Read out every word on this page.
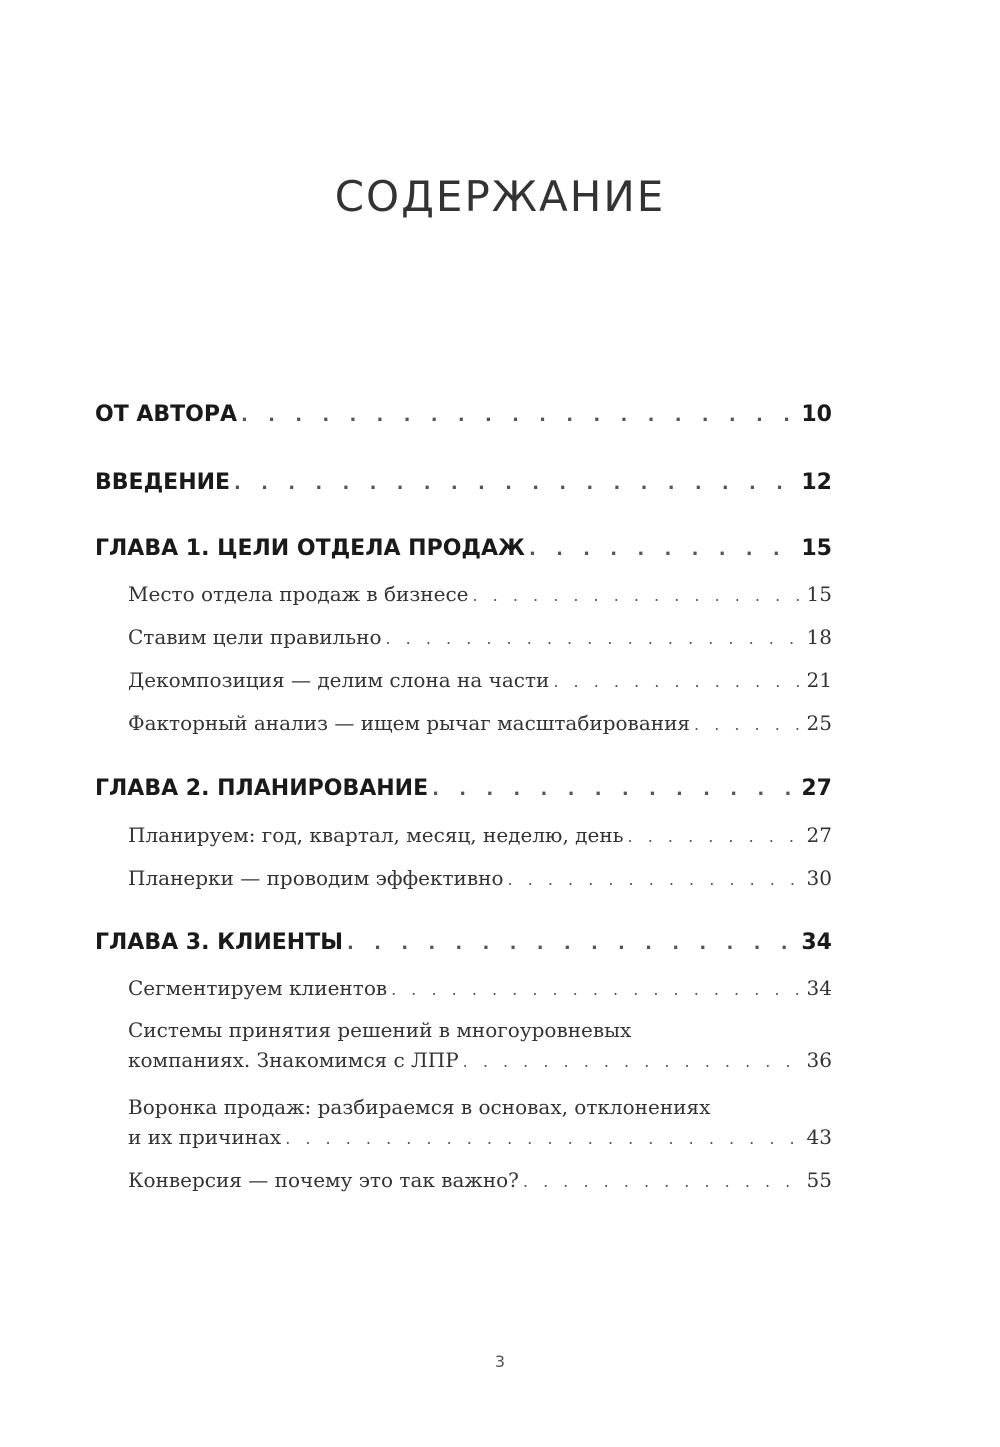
СОДЕРЖАНИЕ
ОТ АВТОРА . . .	10
ВВЕДЕНИЕ . . .	12
ГЛАВА 1. ЦЕЛИ ОТДЕЛА ПРОДАЖ . . .	15
Место отдела продаж в бизнесе . . .	15
Ставим цели правильно . . .	18
Декомпозиция — делим слона на части . . .	21
Факторный анализ — ищем рычаг масштабирования . . .	25
ГЛАВА 2. ПЛАНИРОВАНИЕ . . .	27
Планируем: год, квартал, месяц, неделю, день . . .	27
Планерки — проводим эффективно . . .	30
ГЛАВА 3. КЛИЕНТЫ . . .	34
Сегментируем клиентов . . .	34
Системы принятия решений в многоуровневых
компаниях. Знакомимся с ЛПР . . .	36
Воронка продаж: разбираемся в основах, отклонениях
и их причинах . . .	43
Конверсия — почему это так важно? . . .	55
3
